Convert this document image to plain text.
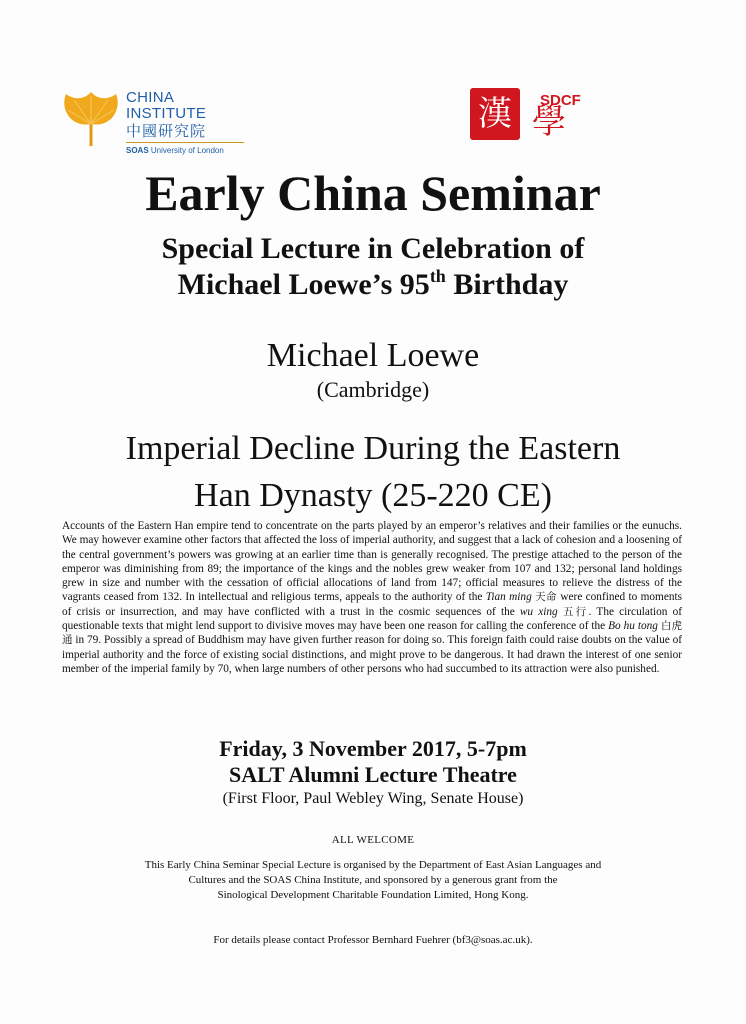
CHINA
INSTITUTE
中國研究院
SOAS University of London
漢	SDCF
學
Early China Seminar
Special Lecture in Celebration of
Michael Loewe’s 95th Birthday
Michael Loewe
(Cambridge)
Imperial Decline During the Eastern
Han Dynasty (25-220 CE)
Accounts of the Eastern Han empire tend to concentrate on the parts played by an emperor’s relatives and their families or the eunuchs. We may however examine other factors that affected the loss of imperial authority, and suggest that a lack of cohesion and a loosening of the central government’s powers was growing at an earlier time than is generally recognised. The prestige attached to the person of the emperor was diminishing from 89; the importance of the kings and the nobles grew weaker from 107 and 132; personal land holdings grew in size and number with the cessation of official allocations of land from 147; official measures to relieve the distress of the vagrants ceased from 132. In intellectual and religious terms, appeals to the authority of the Tian ming 天命 were confined to moments of crisis or insurrection, and may have conflicted with a trust in the cosmic sequences of the wu xing 五行. The circulation of questionable texts that might lend support to divisive moves may have been one reason for calling the conference of the Bo hu tong 白虎通 in 79. Possibly a spread of Buddhism may have given further reason for doing so. This foreign faith could raise doubts on the value of imperial authority and the force of existing social distinctions, and might prove to be dangerous. It had drawn the interest of one senior member of the imperial family by 70, when large numbers of other persons who had succumbed to its attraction were also punished.
Friday, 3 November 2017, 5-7pm
SALT Alumni Lecture Theatre
(First Floor, Paul Webley Wing, Senate House)
ALL WELCOME
This Early China Seminar Special Lecture is organised by the Department of East Asian Languages and
Cultures and the SOAS China Institute, and sponsored by a generous grant from the
Sinological Development Charitable Foundation Limited, Hong Kong.
For details please contact Professor Bernhard Fuehrer (bf3@soas.ac.uk).
